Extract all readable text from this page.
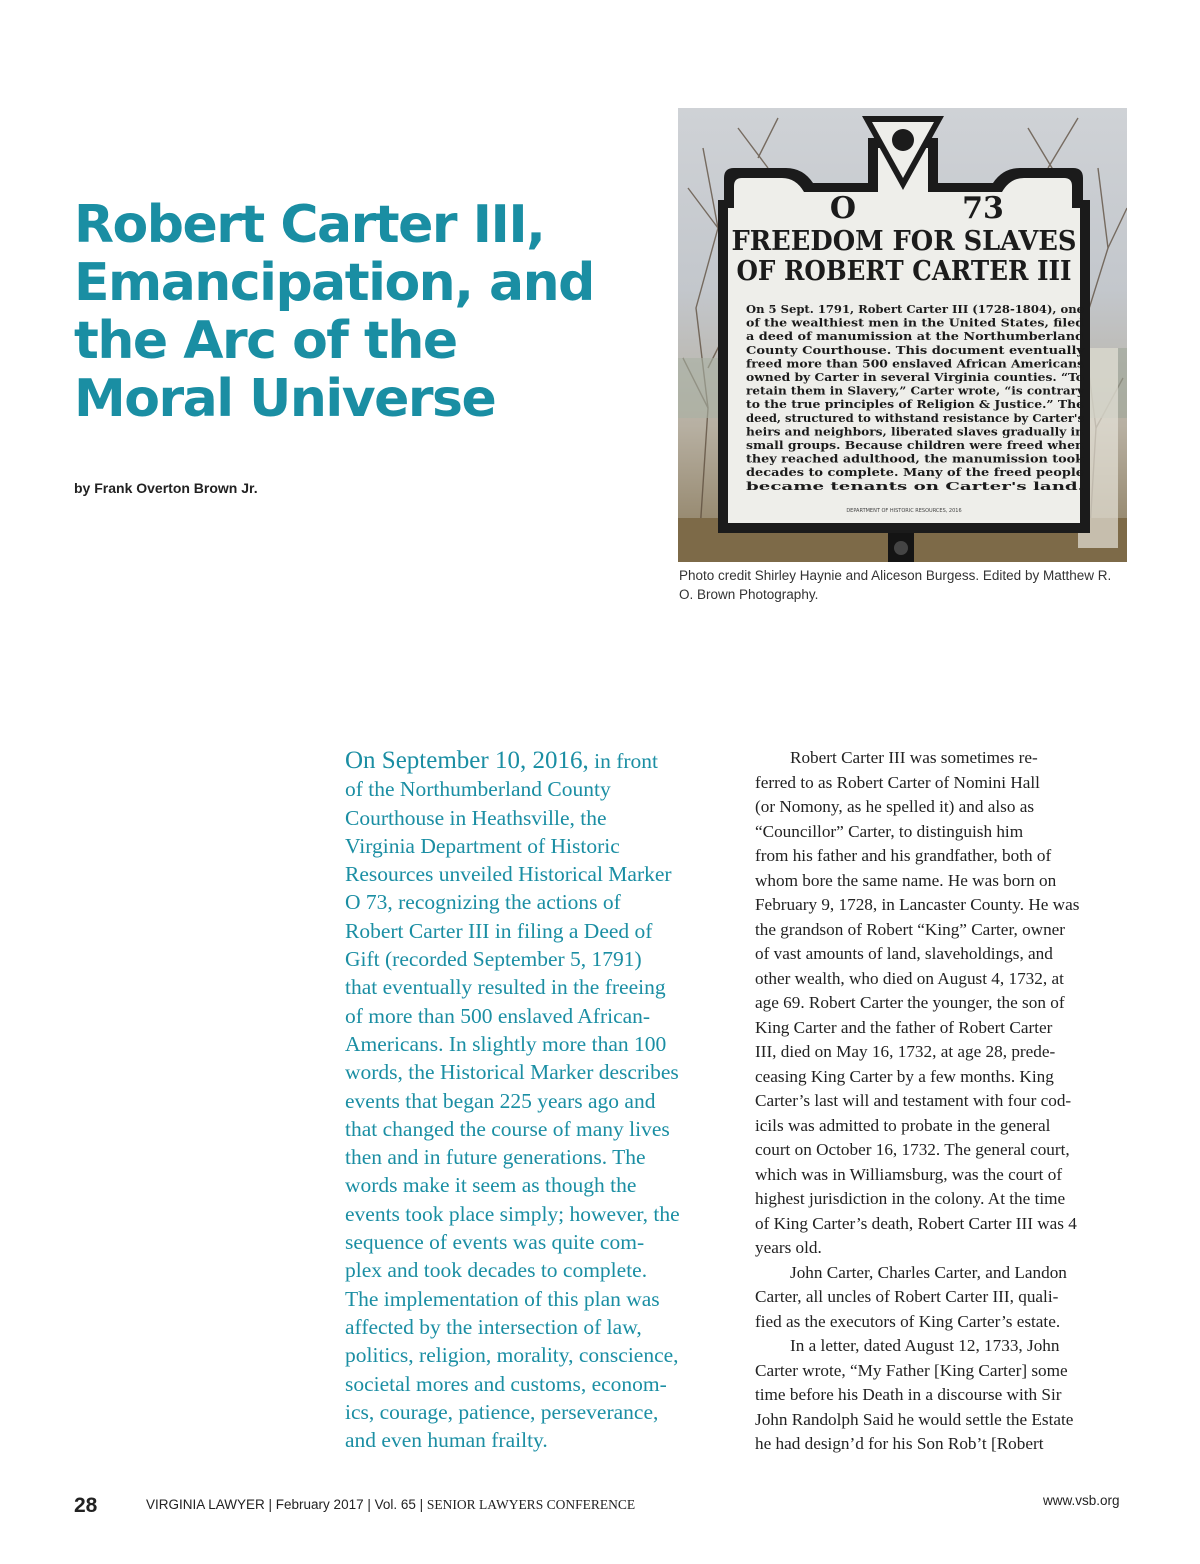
Robert Carter III,
Emancipation, and
the Arc of the
Moral Universe
by Frank Overton Brown Jr.
O	73
FREEDOM FOR SLAVES
OF ROBERT CARTER III
On 5 Sept. 1791, Robert Carter III (1728-1804), one
of the wealthiest men in the United States, filed
a deed of manumission at the Northumberland
County Courthouse. This document eventually
freed more than 500 enslaved African Americans
owned by Carter in several Virginia counties. “To
retain them in Slavery,” Carter wrote, “is contrary
to the true principles of Religion & Justice.” The
deed, structured to withstand resistance by Carter's
heirs and neighbors, liberated slaves gradually in
small groups. Because children were freed when
they reached adulthood, the manumission took
decades to complete. Many of the freed people
became tenants on Carter's land.
DEPARTMENT OF HISTORIC RESOURCES, 2016
Photo credit Shirley Haynie and Aliceson Burgess. Edited by Matthew R. O. Brown Photography.
On September 10, 2016, in front
of the Northumberland County
Courthouse in Heathsville, the
Virginia Department of Historic
Resources unveiled Historical Marker
O 73, recognizing the actions of
Robert Carter III in filing a Deed of
Gift (recorded September 5, 1791)
that eventually resulted in the freeing
of more than 500 enslaved African-
Americans. In slightly more than 100
words, the Historical Marker describes
events that began 225 years ago and
that changed the course of many lives
then and in future generations. The
words make it seem as though the
events took place simply; however, the
sequence of events was quite com-
plex and took decades to complete.
The implementation of this plan was
affected by the intersection of law,
politics, religion, morality, conscience,
societal mores and customs, econom-
ics, courage, patience, perseverance,
and even human frailty.
Robert Carter III was sometimes re-
ferred to as Robert Carter of Nomini Hall
(or Nomony, as he spelled it) and also as
“Councillor” Carter, to distinguish him
from his father and his grandfather, both of
whom bore the same name. He was born on
February 9, 1728, in Lancaster County. He was
the grandson of Robert “King” Carter, owner
of vast amounts of land, slaveholdings, and
other wealth, who died on August 4, 1732, at
age 69. Robert Carter the younger, the son of
King Carter and the father of Robert Carter
III, died on May 16, 1732, at age 28, prede-
ceasing King Carter by a few months. King
Carter’s last will and testament with four cod-
icils was admitted to probate in the general
court on October 16, 1732. The general court,
which was in Williamsburg, was the court of
highest jurisdiction in the colony. At the time
of King Carter’s death, Robert Carter III was 4
years old.
John Carter, Charles Carter, and Landon
Carter, all uncles of Robert Carter III, quali-
fied as the executors of King Carter’s estate.
In a letter, dated August 12, 1733, John
Carter wrote, “My Father [King Carter] some
time before his Death in a discourse with Sir
John Randolph Said he would settle the Estate
he had design’d for his Son Rob’t [Robert
28	VIRGINIA LAWYER | February 2017 | Vol. 65 | SENIOR LAWYERS CONFERENCE	www.vsb.org
